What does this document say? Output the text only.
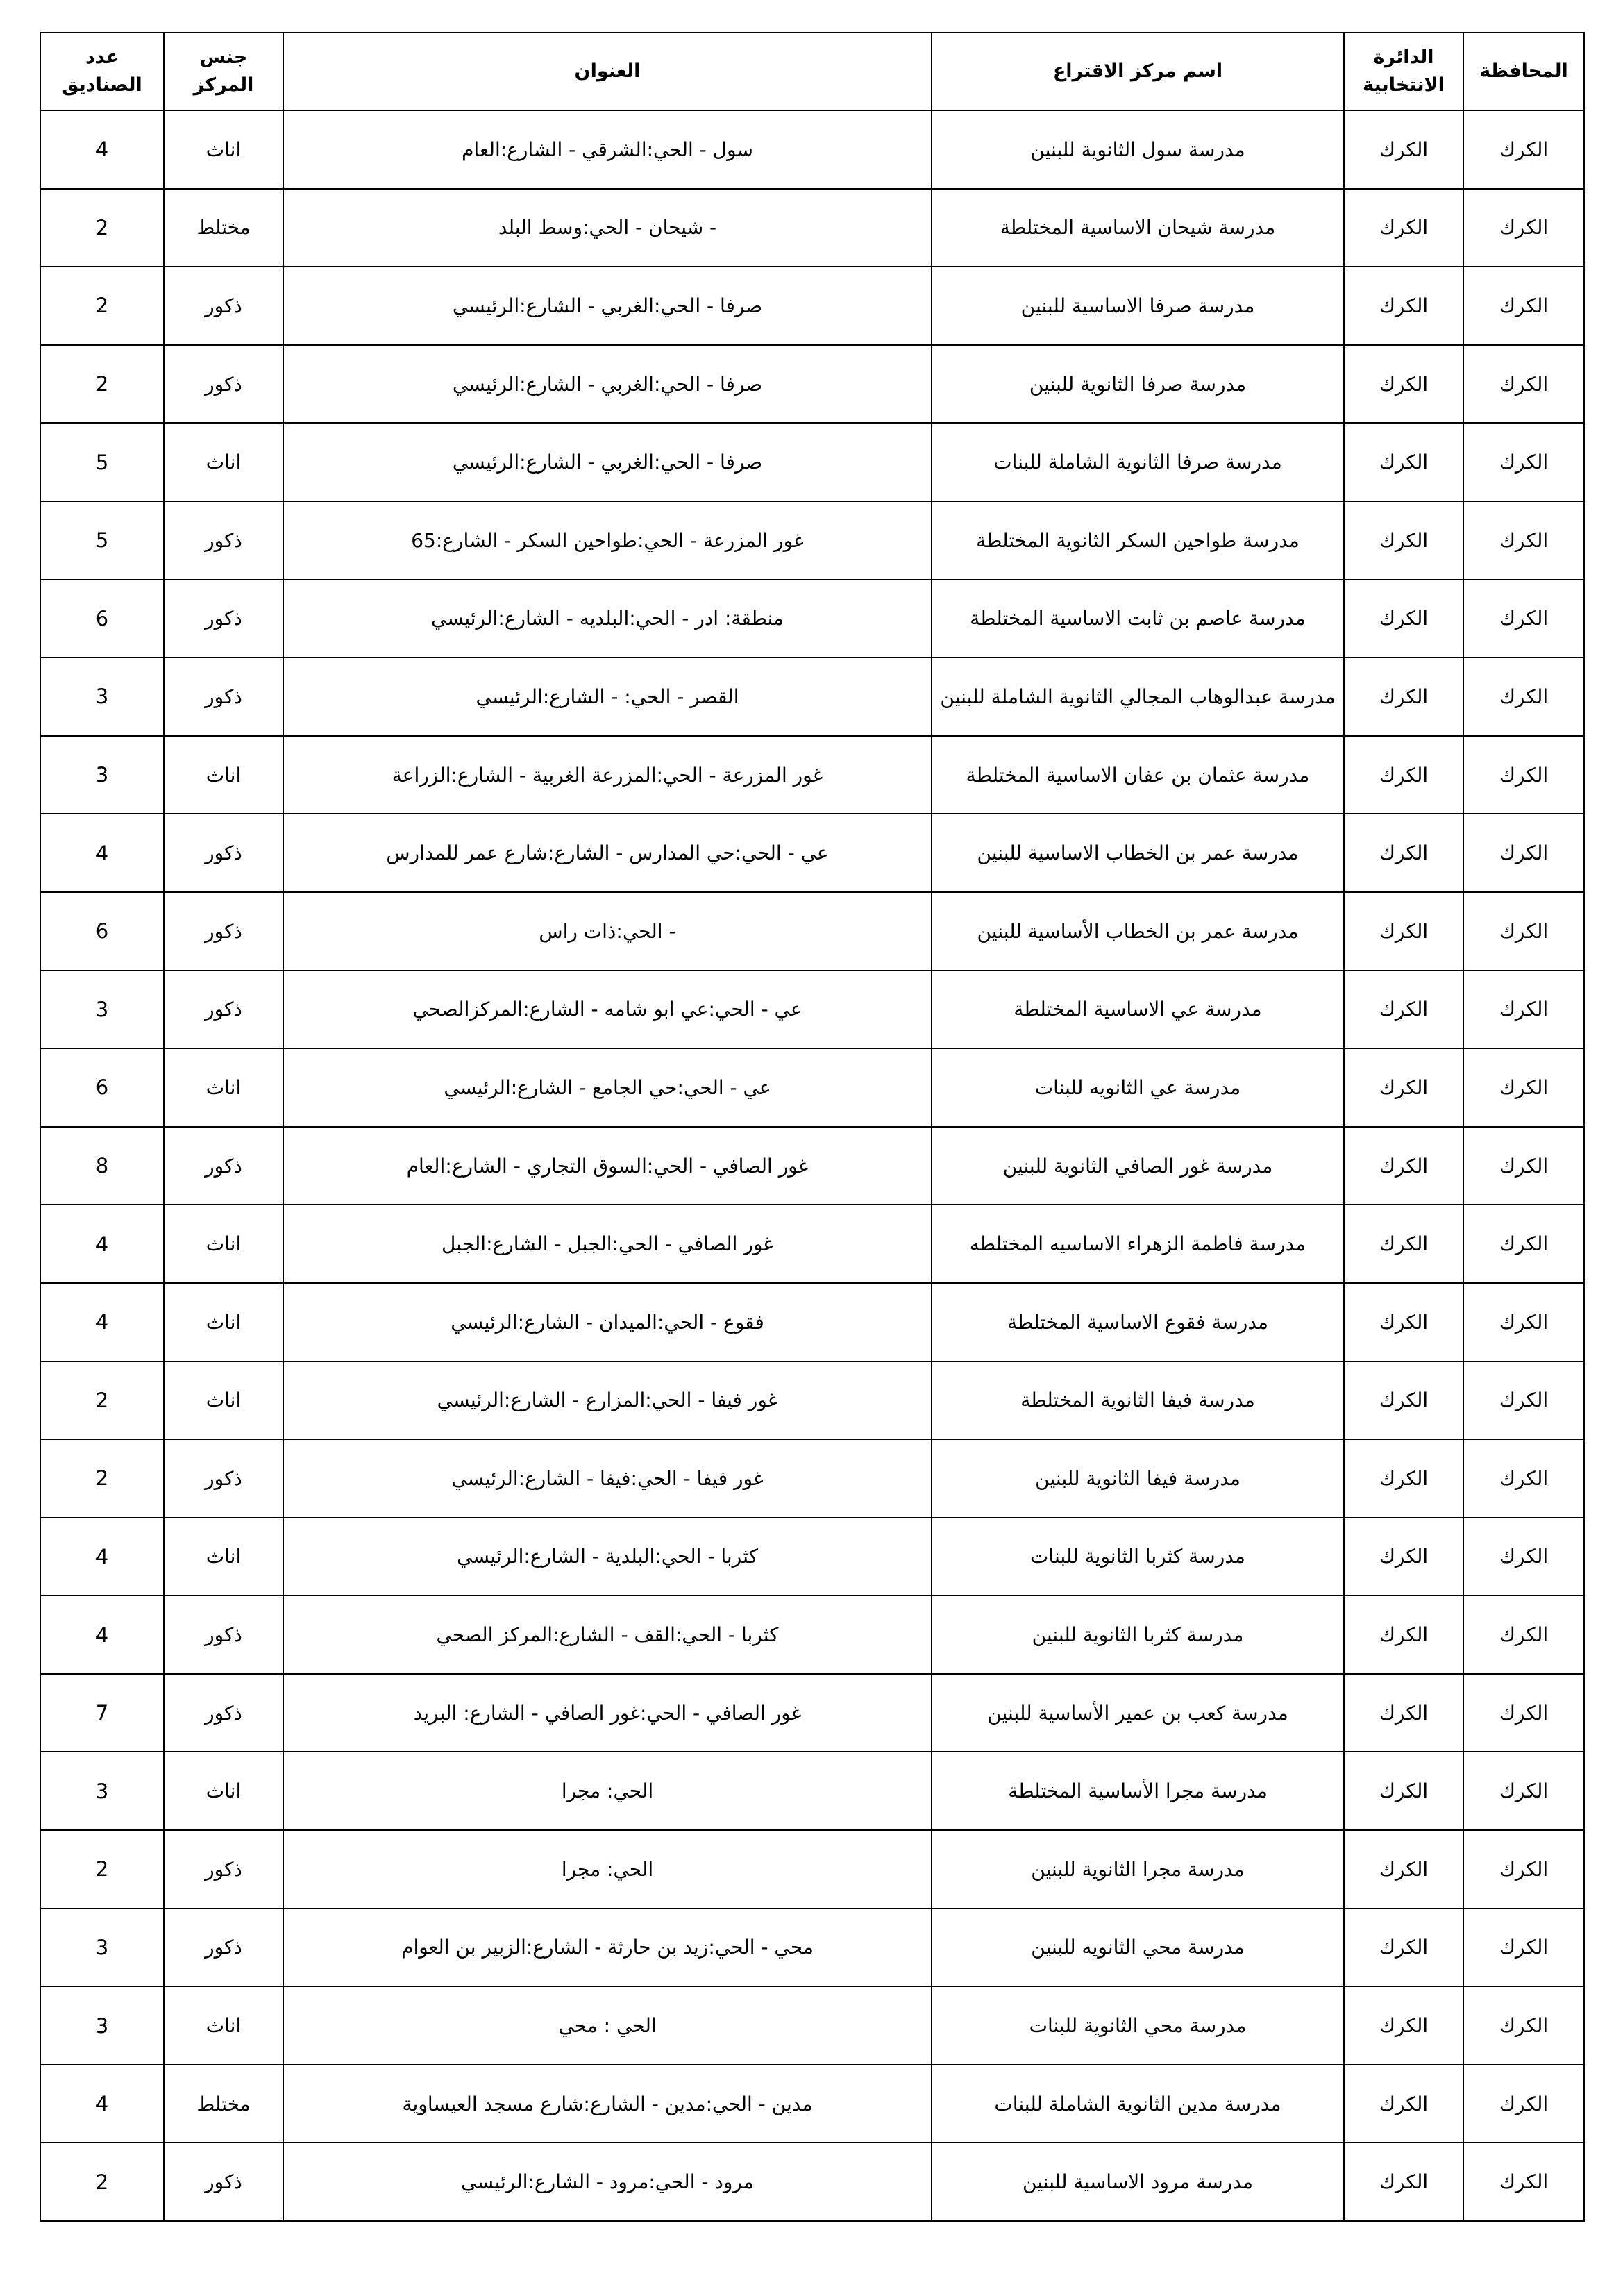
عدد الصناديق	جنس المركز	العنوان	اسم مركز الاقتراع	الدائرة الانتخابية	المحافظة
4	اناث	سول - الحي:الشرقي - الشارع:العام	مدرسة سول الثانوية للبنين	الكرك	الكرك
2	مختلط	شيحان - الحي:وسط البلد -	مدرسة شيحان الاساسية المختلطة	الكرك	الكرك
2	ذكور	صرفا - الحي:الغربي - الشارع:الرئيسي	مدرسة صرفا الاساسية للبنين	الكرك	الكرك
2	ذكور	صرفا - الحي:الغربي - الشارع:الرئيسي	مدرسة صرفا الثانوية للبنين	الكرك	الكرك
5	اناث	صرفا - الحي:الغربي - الشارع:الرئيسي	مدرسة صرفا الثانوية الشاملة للبنات	الكرك	الكرك
5	ذكور	غور المزرعة - الحي:طواحين السكر - الشارع:65	مدرسة طواحين السكر الثانوية المختلطة	الكرك	الكرك
6	ذكور	منطقة: ادر - الحي:البلديه - الشارع:الرئيسي	مدرسة عاصم بن ثابت الاساسية المختلطة	الكرك	الكرك
3	ذكور	القصر - الحي: - الشارع:الرئيسي	مدرسة عبدالوهاب المجالي الثانوية الشاملة للبنين	الكرك	الكرك
3	اناث	غور المزرعة - الحي:المزرعة الغربية - الشارع:الزراعة	مدرسة عثمان بن عفان الاساسية المختلطة	الكرك	الكرك
4	ذكور	عي - الحي:حي المدارس - الشارع:شارع عمر للمدارس	مدرسة عمر بن الخطاب الاساسية للبنين	الكرك	الكرك
6	ذكور	الحي:ذات راس -	مدرسة عمر بن الخطاب الأساسية للبنين	الكرك	الكرك
3	ذكور	عي - الحي:عي ابو شامه - الشارع:المركزالصحي	مدرسة عي الاساسية المختلطة	الكرك	الكرك
6	اناث	عي - الحي:حي الجامع - الشارع:الرئيسي	مدرسة عي الثانويه للبنات	الكرك	الكرك
8	ذكور	غور الصافي - الحي:السوق التجاري - الشارع:العام	مدرسة غور الصافي الثانوية للبنين	الكرك	الكرك
4	اناث	غور الصافي - الحي:الجبل - الشارع:الجبل	مدرسة فاطمة الزهراء الاساسيه المختلطه	الكرك	الكرك
4	اناث	فقوع - الحي:الميدان - الشارع:الرئيسي	مدرسة فقوع الاساسية المختلطة	الكرك	الكرك
2	اناث	غور فيفا - الحي:المزارع - الشارع:الرئيسي	مدرسة فيفا الثانوية المختلطة	الكرك	الكرك
2	ذكور	غور فيفا - الحي:فيفا - الشارع:الرئيسي	مدرسة فيفا الثانوية للبنين	الكرك	الكرك
4	اناث	كثربا - الحي:البلدية - الشارع:الرئيسي	مدرسة كثربا الثانوية للبنات	الكرك	الكرك
4	ذكور	كثربا - الحي:القف - الشارع:المركز الصحي	مدرسة كثربا الثانوية للبنين	الكرك	الكرك
7	ذكور	غور الصافي - الحي:غور الصافي - الشارع: البريد	مدرسة كعب بن عمير الأساسية للبنين	الكرك	الكرك
3	اناث	الحي: مجرا	مدرسة مجرا الأساسية المختلطة	الكرك	الكرك
2	ذكور	الحي: مجرا	مدرسة مجرا الثانوية للبنين	الكرك	الكرك
3	ذكور	محي - الحي:زيد بن حارثة - الشارع:الزبير بن العوام	مدرسة محي الثانويه للبنين	الكرك	الكرك
3	اناث	الحي : محي	مدرسة محي الثانوية للبنات	الكرك	الكرك
4	مختلط	مدين - الحي:مدين - الشارع:شارع مسجد العيساوية	مدرسة مدين الثانوية الشاملة للبنات	الكرك	الكرك
2	ذكور	مرود - الحي:مرود - الشارع:الرئيسي	مدرسة مرود الاساسية للبنين	الكرك	الكرك
